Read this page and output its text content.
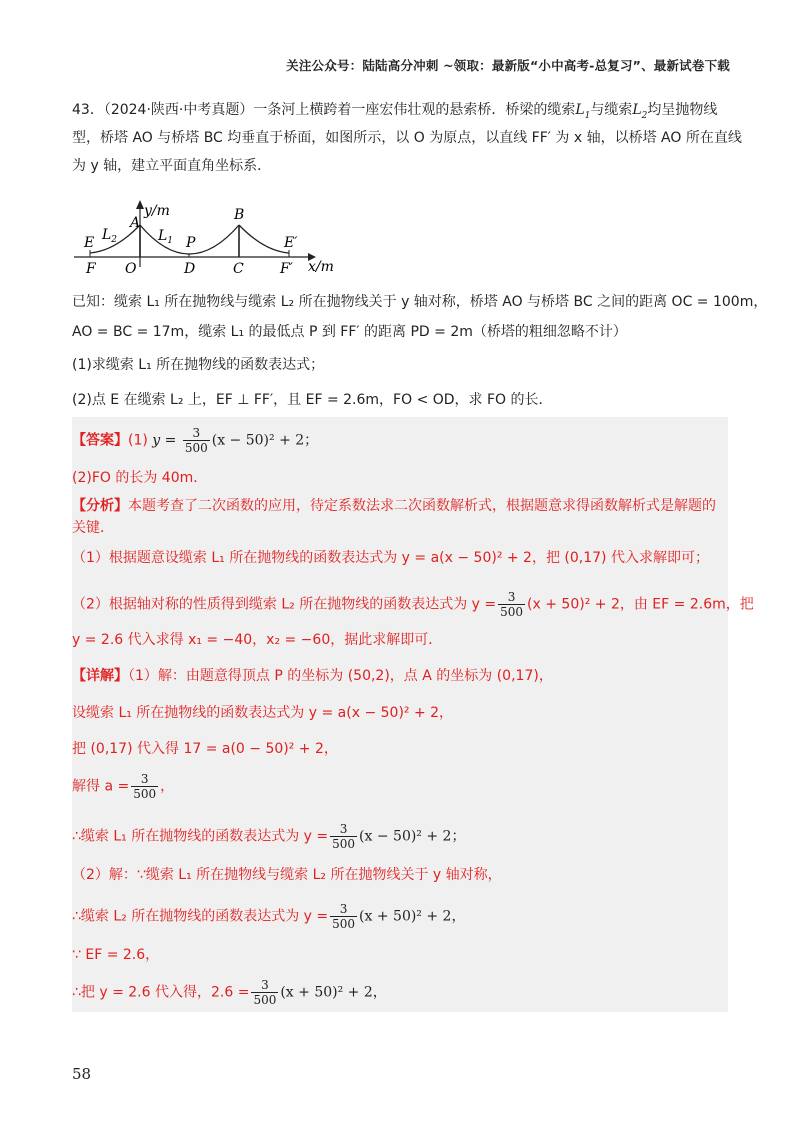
关注公众号：陆陆高分冲刺 ~领取：最新版“小中高考-总复习”、最新试卷下载
43．（2024·陕西·中考真题）一条河上横跨着一座宏伟壮观的悬索桥．桥梁的缆索$L_1$与缆索$L_2$均呈抛物线
型，桥塔 AO 与桥塔 BC 均垂直于桥面，如图所示，以 O 为原点，以直线 FF′ 为 x 轴，以桥塔 AO 所在直线
为 y 轴，建立平面直角坐标系．
y/m
x/m
A	B
P
E	E′
F O	D	C	F′
$L_1$
$L_2$
已知：缆索 L₁ 所在抛物线与缆索 L₂ 所在抛物线关于 y 轴对称，桥塔 AO 与桥塔 BC 之间的距离 OC = 100m，
AO = BC = 17m，缆索 L₁ 的最低点 P 到 FF′ 的距离 PD = 2m（桥塔的粗细忽略不计）
(1)求缆索 L₁ 所在抛物线的函数表达式；
(2)点 E 在缆索 L₂ 上，EF ⊥ FF′，且 EF = 2.6m，FO < OD，求 FO 的长．
【答案】(1) $y = \frac{3}{500} (x - 50)^2 + 2$；
(2)FO 的长为 40m．
【分析】本题考查了二次函数的应用，待定系数法求二次函数解析式，根据题意求得函数解析式是解题的
关键．
（1）根据题意设缆索 L₁ 所在抛物线的函数表达式为 y = a(x − 50)² + 2，把 (0,17) 代入求解即可；
（2）根据轴对称的性质得到缆索 L₂ 所在抛物线的函数表达式为 $y = \frac{3}{500} (x + 50)^2 + 2$，由 EF = 2.6m，把
y = 2.6 代入求得 x₁ = −40，x₂ = −60，据此求解即可．
【详解】（1）解：由题意得顶点 P 的坐标为 (50,2)，点 A 的坐标为 (0,17)，
设缆索 L₁ 所在抛物线的函数表达式为 y = a(x − 50)² + 2，
把 (0,17) 代入得 17 = a(0 − 50)² + 2，
解得 $a = \frac{3}{500}$ ，
∴缆索 L₁ 所在抛物线的函数表达式为 $y = \frac{3}{500} (x - 50)^2 + 2$；
（2）解：∵缆索 L₁ 所在抛物线与缆索 L₂ 所在抛物线关于 y 轴对称，
∴缆索 L₂ 所在抛物线的函数表达式为 $y = \frac{3}{500} (x + 50)^2 + 2$，
∵ EF = 2.6，
∴把 y = 2.6 代入得，$2.6 = \frac{3}{500} (x + 50)^2 + 2$，
58
